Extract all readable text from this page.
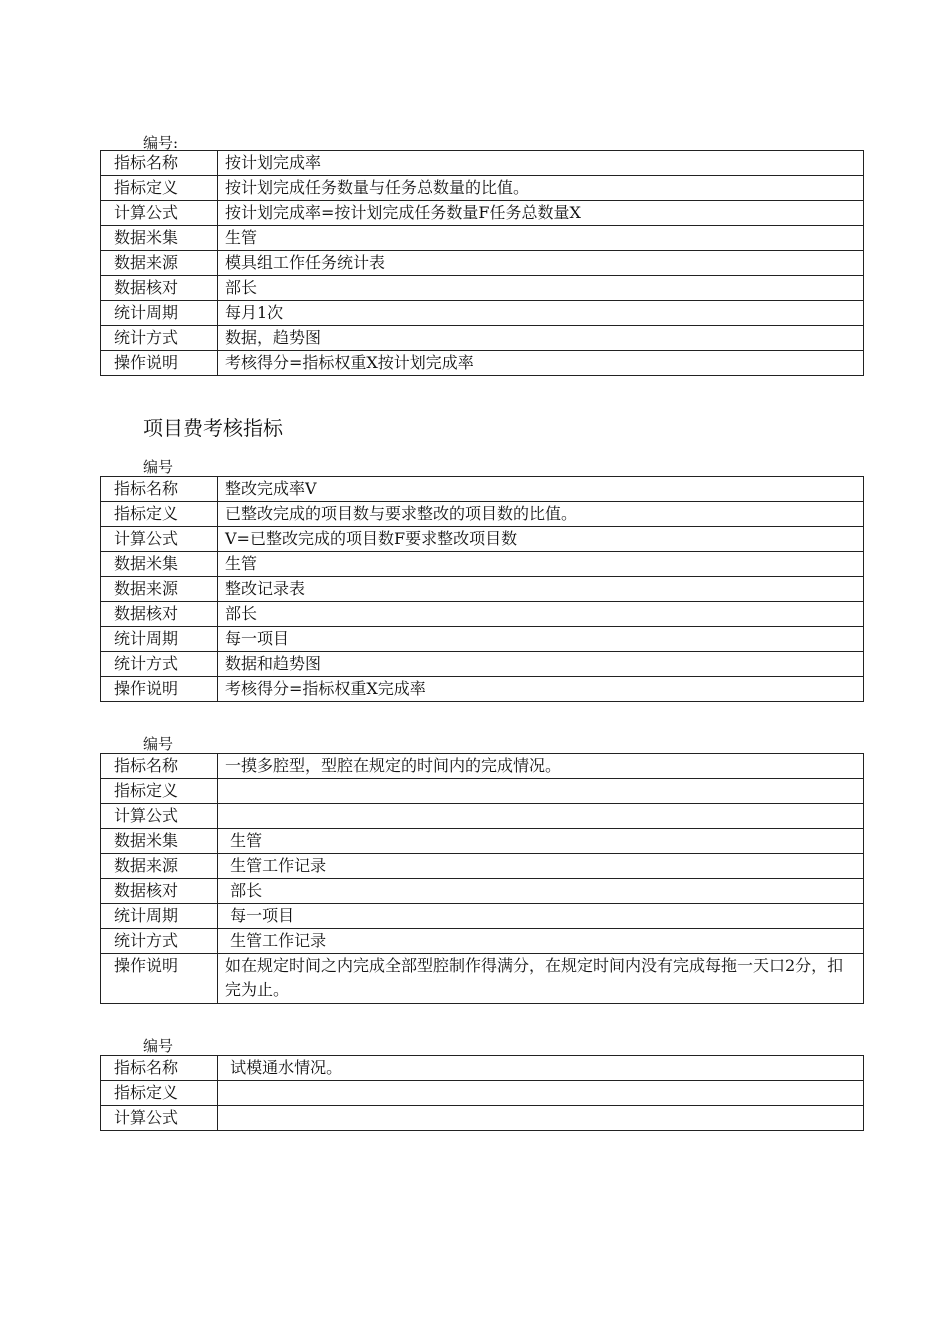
编号:
指标名称	按计划完成率
指标定义	按计划完成任务数量与任务总数量的比值。
计算公式	按计划完成率=按计划完成任务数量F任务总数量X
数据米集	生管
数据来源	模具组工作任务统计表
数据核对	部长
统计周期	每月1次
统计方式	数据，趋势图
操作说明	考核得分=指标权重X按计划完成率
项目费考核指标
编号
指标名称	整改完成率V
指标定义	已整改完成的项目数与要求整改的项目数的比值。
计算公式	V=已整改完成的项目数F要求整改项目数
数据米集	生管
数据来源	整改记录表
数据核对	部长
统计周期	每一项目
统计方式	数据和趋势图
操作说明	考核得分=指标权重X完成率
编号
指标名称	一摸多腔型，型腔在规定的时间内的完成情况。
指标定义	
计算公式	
数据米集	生管
数据来源	生管工作记录
数据核对	部长
统计周期	每一项目
统计方式	生管工作记录
操作说明	如在规定时间之内完成全部型腔制作得满分，在规定时间内没有完成每拖一天口2分，扣完为止。
编号
指标名称	试模通水情况。
指标定义	
计算公式	
